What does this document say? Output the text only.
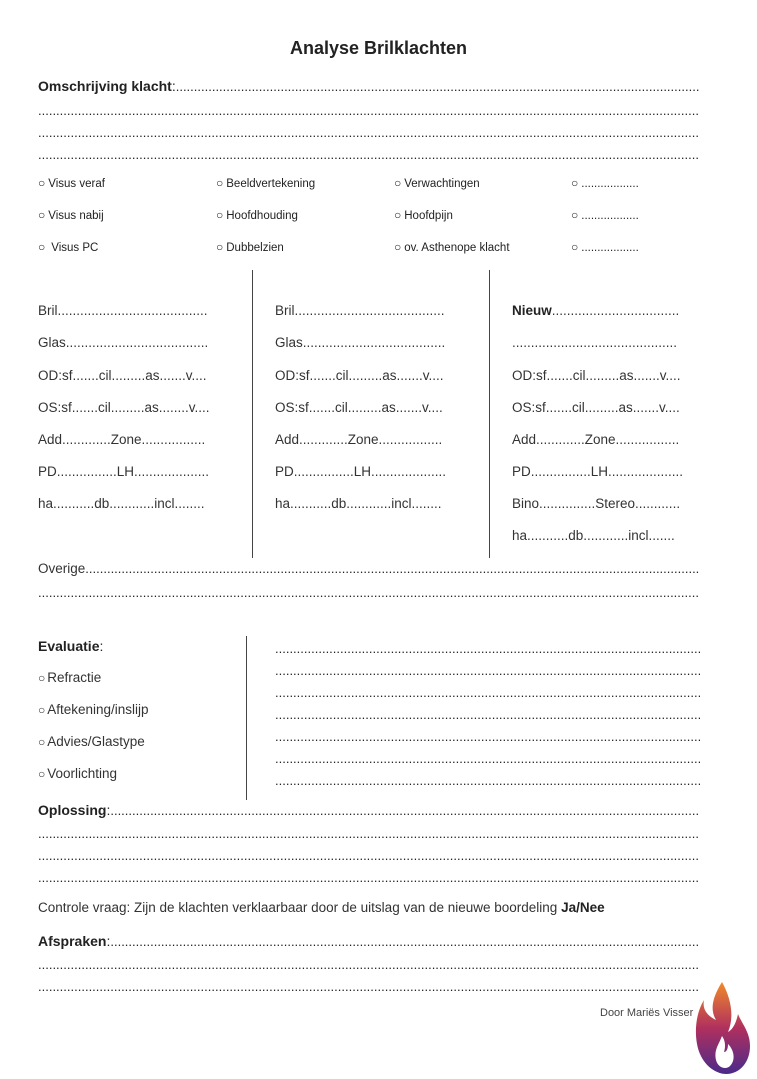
Analyse Brilklachten
Omschrijving klacht :
.....
.....
.....
.....
○ Visus veraf	○ Beeldvertekening	○ Verwachtingen	○ ..................
○ Visus nabij	○ Hoofdhouding	○ Hoofdpijn	○ ..................
○ Visus PC	○ Dubbelzien	○ ov. Asthenope klacht	○ ..................
Bril........................................
Glas......................................
OD:sf.......cil.........as.......v....
OS:sf.......cil.........as........v....
Add.............Zone.................
PD................LH....................
ha...........db............incl........
Bril........................................
Glas......................................
OD:sf.......cil.........as.......v....
OS:sf.......cil.........as.......v....
Add.............Zone.................
PD................LH....................
ha...........db............incl........
Nieuw..................................
............................................
OD:sf.......cil.........as.......v....
OS:sf.......cil.........as.......v....
Add.............Zone.................
PD................LH....................
Bino...............Stereo............
ha...........db............incl.......
Overige
.....
.....
Evaluatie:
○ Refractie
○ Aftekening/inslijp
○ Advies/Glastype
○ Voorlichting
.....
.....
.....
.....
.....
.....
.....
Oplossing :
.....
.....
.....
.....
Controle vraag: Zijn de klachten verklaarbaar door de uitslag van de nieuwe boordeling Ja/Nee
Afspraken :
.....
.....
.....
Door Mariës Visser
